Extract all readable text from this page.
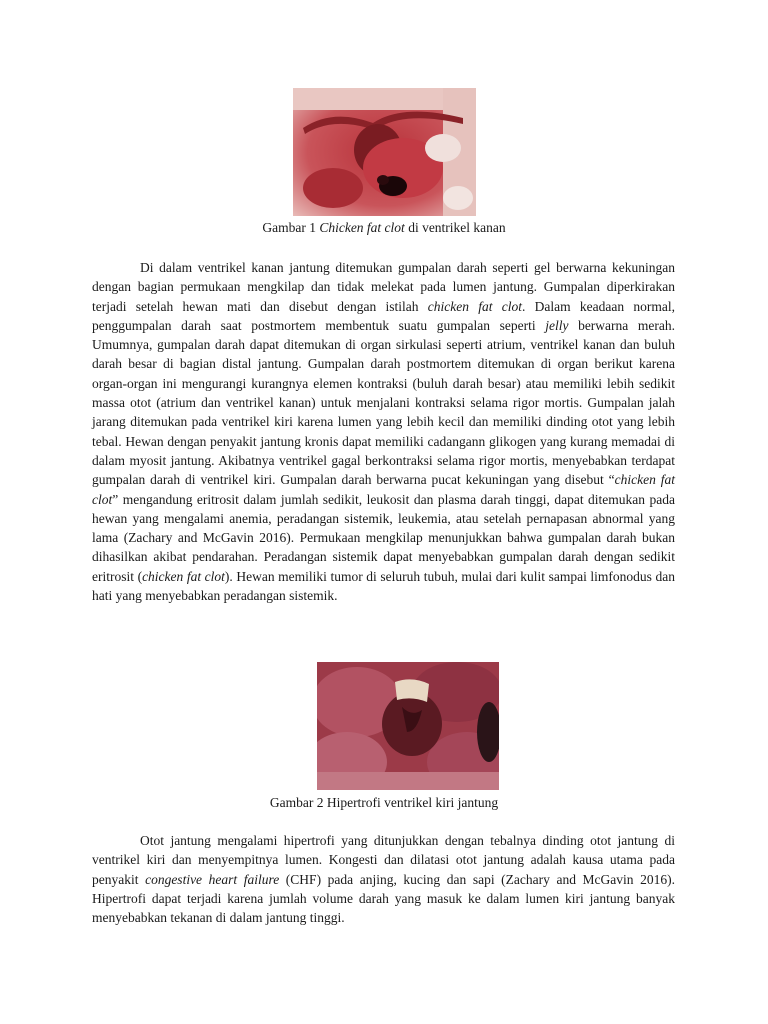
Gambar 1 Chicken fat clot di ventrikel kanan

Di dalam ventrikel kanan jantung ditemukan gumpalan darah seperti gel berwarna kekuningan dengan bagian permukaan mengkilap dan tidak melekat pada lumen jantung. Gumpalan diperkirakan terjadi setelah hewan mati dan disebut dengan istilah chicken fat clot. Dalam keadaan normal, penggumpalan darah saat postmortem membentuk suatu gumpalan seperti jelly berwarna merah. Umumnya, gumpalan darah dapat ditemukan di organ sirkulasi seperti atrium, ventrikel kanan dan buluh darah besar di bagian distal jantung. Gumpalan darah postmortem ditemukan di organ berikut karena organ-organ ini mengurangi kurangnya elemen kontraksi (buluh darah besar) atau memiliki lebih sedikit massa otot (atrium dan ventrikel kanan) untuk menjalani kontraksi selama rigor mortis. Gumpalan jalah jarang ditemukan pada ventrikel kiri karena lumen yang lebih kecil dan memiliki dinding otot yang lebih tebal. Hewan dengan penyakit jantung kronis dapat memiliki cadangann glikogen yang kurang memadai di dalam myosit jantung. Akibatnya ventrikel gagal berkontraksi selama rigor mortis, menyebabkan terdapat gumpalan darah di ventrikel kiri. Gumpalan darah berwarna pucat kekuningan yang disebut “chicken fat clot” mengandung eritrosit dalam jumlah sedikit, leukosit dan plasma darah tinggi, dapat ditemukan pada hewan yang mengalami anemia, peradangan sistemik, leukemia, atau setelah pernapasan abnormal yang lama (Zachary and McGavin 2016). Permukaan mengkilap menunjukkan bahwa gumpalan darah bukan dihasilkan akibat pendarahan. Peradangan sistemik dapat menyebabkan gumpalan darah dengan sedikit eritrosit (chicken fat clot). Hewan memiliki tumor di seluruh tubuh, mulai dari kulit sampai limfonodus dan hati yang menyebabkan peradangan sistemik.

Gambar 2 Hipertrofi ventrikel kiri jantung

Otot jantung mengalami hipertrofi yang ditunjukkan dengan tebalnya dinding otot jantung di ventrikel kiri dan menyempitnya lumen. Kongesti dan dilatasi otot jantung adalah kausa utama pada penyakit congestive heart failure (CHF) pada anjing, kucing dan sapi (Zachary and McGavin 2016). Hipertrofi dapat terjadi karena jumlah volume darah yang masuk ke dalam lumen kiri jantung banyak menyebabkan tekanan di dalam jantung tinggi.
